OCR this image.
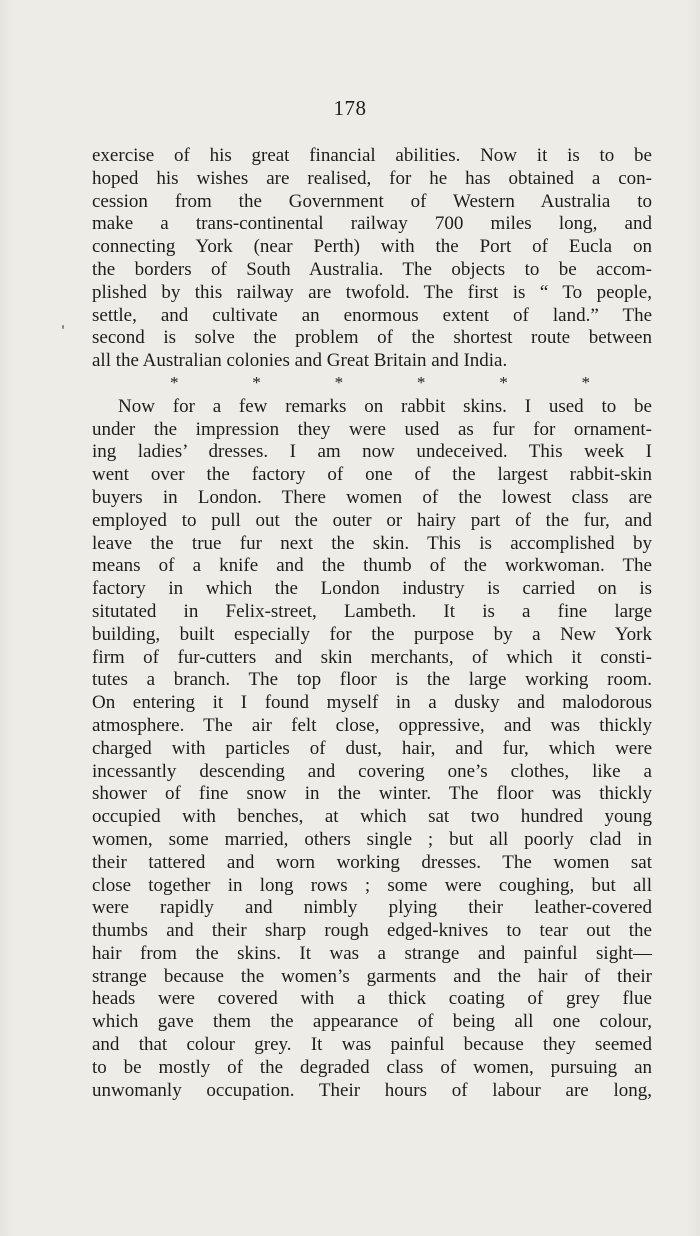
178
exercise of his great financial abilities. Now it is to be
hoped his wishes are realised, for he has obtained a con-
cession from the Government of Western Australia to
make a trans-continental railway 700 miles long, and
connecting York (near Perth) with the Port of Eucla on
the borders of South Australia. The objects to be accom-
plished by this railway are twofold. The first is “ To people,
settle, and cultivate an enormous extent of land.” The
second is solve the problem of the shortest route between
all the Australian colonies and Great Britain and India.
Now for a few remarks on rabbit skins. I used to be
under the impression they were used as fur for ornament-
ing ladies’ dresses. I am now undeceived. This week I
went over the factory of one of the largest rabbit-skin
buyers in London. There women of the lowest class are
employed to pull out the outer or hairy part of the fur, and
leave the true fur next the skin. This is accomplished by
means of a knife and the thumb of the workwoman. The
factory in which the London industry is carried on is
situtated in Felix-street, Lambeth. It is a fine large
building, built especially for the purpose by a New York
firm of fur-cutters and skin merchants, of which it consti-
tutes a branch. The top floor is the large working room.
On entering it I found myself in a dusky and malodorous
atmosphere. The air felt close, oppressive, and was thickly
charged with particles of dust, hair, and fur, which were
incessantly descending and covering one’s clothes, like a
shower of fine snow in the winter. The floor was thickly
occupied with benches, at which sat two hundred young
women, some married, others single ; but all poorly clad in
their tattered and worn working dresses. The women sat
close together in long rows ; some were coughing, but all
were rapidly and nimbly plying their leather-covered
thumbs and their sharp rough edged-knives to tear out the
hair from the skins. It was a strange and painful sight—
strange because the women’s garments and the hair of their
heads were covered with a thick coating of grey flue
which gave them the appearance of being all one colour,
and that colour grey. It was painful because they seemed
to be mostly of the degraded class of women, pursuing an
unwomanly occupation. Their hours of labour are long,
*	*	*	*	*	*
